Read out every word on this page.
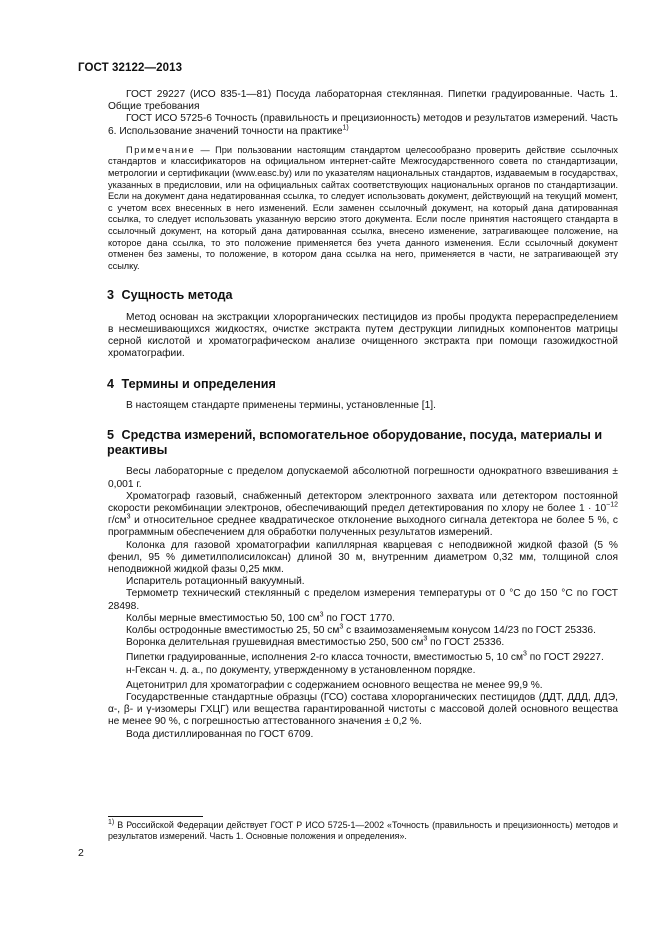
ГОСТ 32122—2013

ГОСТ 29227 (ИСО 835-1—81) Посуда лабораторная стеклянная. Пипетки градуированные. Часть 1. Общие требования

ГОСТ ИСО 5725-6 Точность (правильность и прецизионность) методов и результатов измерений. Часть 6. Использование значений точности на практике$^{1)}$

Примечание — При пользовании настоящим стандартом целесообразно проверить действие ссылочных стандартов и классификаторов на официальном интернет-сайте Межгосударственного совета по стандартизации, метрологии и сертификации (www.easc.by) или по указателям национальных стандартов, издаваемым в государствах, указанных в предисловии, или на официальных сайтах соответствующих национальных органов по стандартизации. Если на документ дана недатированная ссылка, то следует использовать документ, действующий на текущий момент, с учетом всех внесенных в него изменений. Если заменен ссылочный документ, на который дана датированная ссылка, то следует использовать указанную версию этого документа. Если после принятия настоящего стандарта в ссылочный документ, на который дана датированная ссылка, внесено изменение, затрагивающее положение, на которое дана ссылка, то это положение применяется без учета данного изменения. Если ссылочный документ отменен без замены, то положение, в котором дана ссылка на него, применяется в части, не затрагивающей эту ссылку.

3 Сущность метода

Метод основан на экстракции хлорорганических пестицидов из пробы продукта перераспределением в несмешивающихся жидкостях, очистке экстракта путем деструкции липидных компонентов матрицы серной кислотой и хроматографическом анализе очищенного экстракта при помощи газожидкостной хроматографии.

4 Термины и определения

В настоящем стандарте применены термины, установленные [1].

5 Средства измерений, вспомогательное оборудование, посуда, материалы и реактивы

Весы лабораторные с пределом допускаемой абсолютной погрешности однократного взвешивания ± 0,001 г.

Хроматограф газовый, снабженный детектором электронного захвата или детектором постоянной скорости рекомбинации электронов, обеспечивающий предел детектирования по хлору не более $1 \cdot 10^{-12}$ $г/см^3$ и относительное среднее квадратическое отклонение выходного сигнала детектора не более 5 %, с программным обеспечением для обработки полученных результатов измерений.

Колонка для газовой хроматографии капиллярная кварцевая с неподвижной жидкой фазой (5 % фенил, 95 % диметилполисилоксан) длиной 30 м, внутренним диаметром 0,32 мм, толщиной слоя неподвижной жидкой фазы 0,25 мкм.

Испаритель ротационный вакуумный.

Термометр технический стеклянный с пределом измерения температуры от 0 °С до 150 °С по ГОСТ 28498.

Колбы мерные вместимостью 50, 100 $см^3$ по ГОСТ 1770.

Колбы остродонные вместимостью 25, 50 $см^3$ с взаимозаменяемым конусом 14/23 по ГОСТ 25336.

Воронка делительная грушевидная вместимостью 250, 500 $см^3$ по ГОСТ 25336.

Пипетки градуированные, исполнения 2-го класса точности, вместимостью 5, 10 $см^3$ по ГОСТ 29227.

н-Гексан ч. д. а., по документу, утвержденному в установленном порядке.

Ацетонитрил для хроматографии с содержанием основного вещества не менее 99,9 %.

Государственные стандартные образцы (ГСО) состава хлорорганических пестицидов (ДДТ, ДДД, ДДЭ, α-, β- и γ-изомеры ГХЦГ) или вещества гарантированной чистоты с массовой долей основного вещества не менее 90 %, с погрешностью аттестованного значения ± 0,2 %.

Вода дистиллированная по ГОСТ 6709.

$^{1)}$ В Российской Федерации действует ГОСТ Р ИСО 5725-1—2002 «Точность (правильность и прецизионность) методов и результатов измерений. Часть 1. Основные положения и определения».
2
